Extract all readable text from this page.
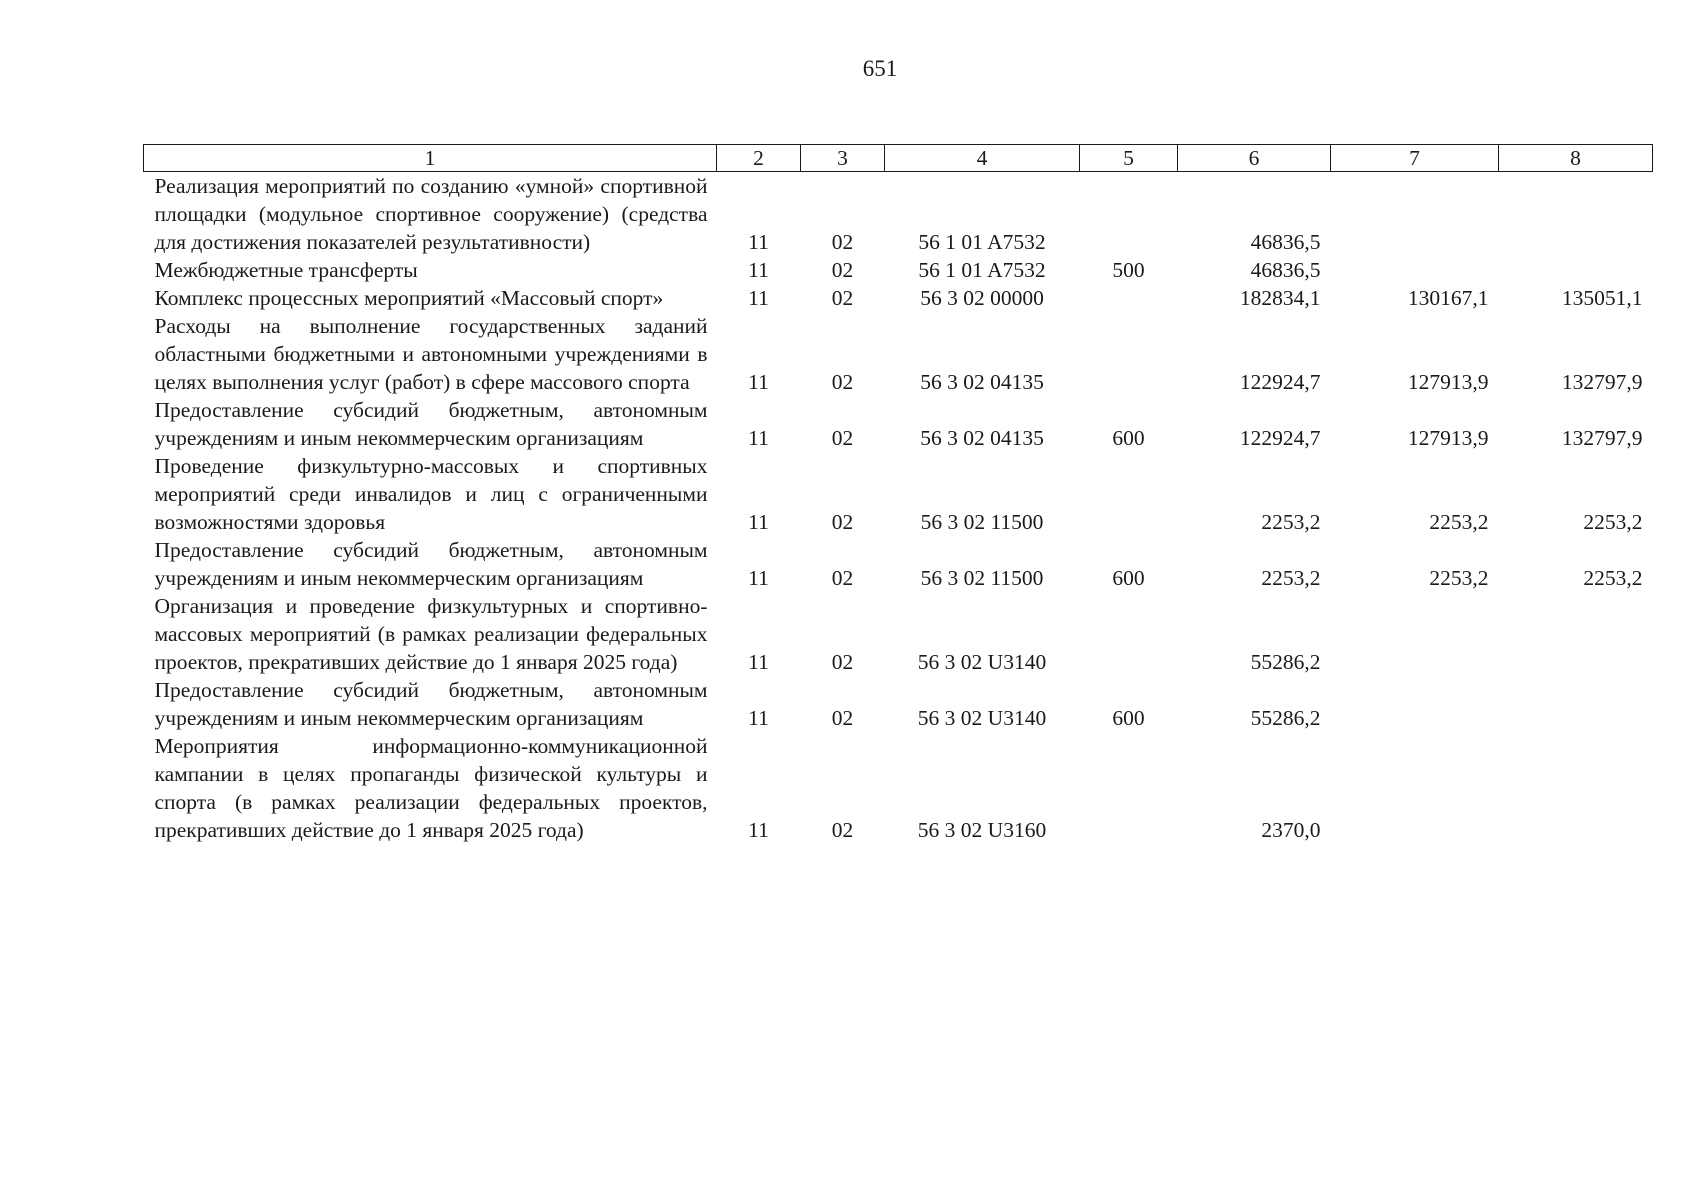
651
1	2	3	4	5	6	7	8
Реализация мероприятий по созданию «умной» спортивной площадки (модульное спортивное сооружение) (средства для достижения показателей результативности)	11	02	56 1 01 A7532		46836,5		
Межбюджетные трансферты	11	02	56 1 01 A7532	500	46836,5		
Комплекс процессных мероприятий «Массовый спорт»	11	02	56 3 02 00000		182834,1	130167,1	135051,1
Расходы на выполнение государственных заданий областными бюджетными и автономными учреждениями в целях выполнения услуг (работ) в сфере массового спорта	11	02	56 3 02 04135		122924,7	127913,9	132797,9
Предоставление субсидий бюджетным, автономным учреждениям и иным некоммерческим организациям	11	02	56 3 02 04135	600	122924,7	127913,9	132797,9
Проведение физкультурно-массовых и спортивных мероприятий среди инвалидов и лиц с ограниченными возможностями здоровья	11	02	56 3 02 11500		2253,2	2253,2	2253,2
Предоставление субсидий бюджетным, автономным учреждениям и иным некоммерческим организациям	11	02	56 3 02 11500	600	2253,2	2253,2	2253,2
Организация и проведение физкультурных и спортивно-массовых мероприятий (в рамках реализации федеральных проектов, прекративших действие до 1 января 2025 года)	11	02	56 3 02 U3140		55286,2		
Предоставление субсидий бюджетным, автономным учреждениям и иным некоммерческим организациям	11	02	56 3 02 U3140	600	55286,2		
Мероприятия информационно-коммуникационной кампании в целях пропаганды физической культуры и спорта (в рамках реализации федеральных проектов, прекративших действие до 1 января 2025 года)	11	02	56 3 02 U3160		2370,0		
